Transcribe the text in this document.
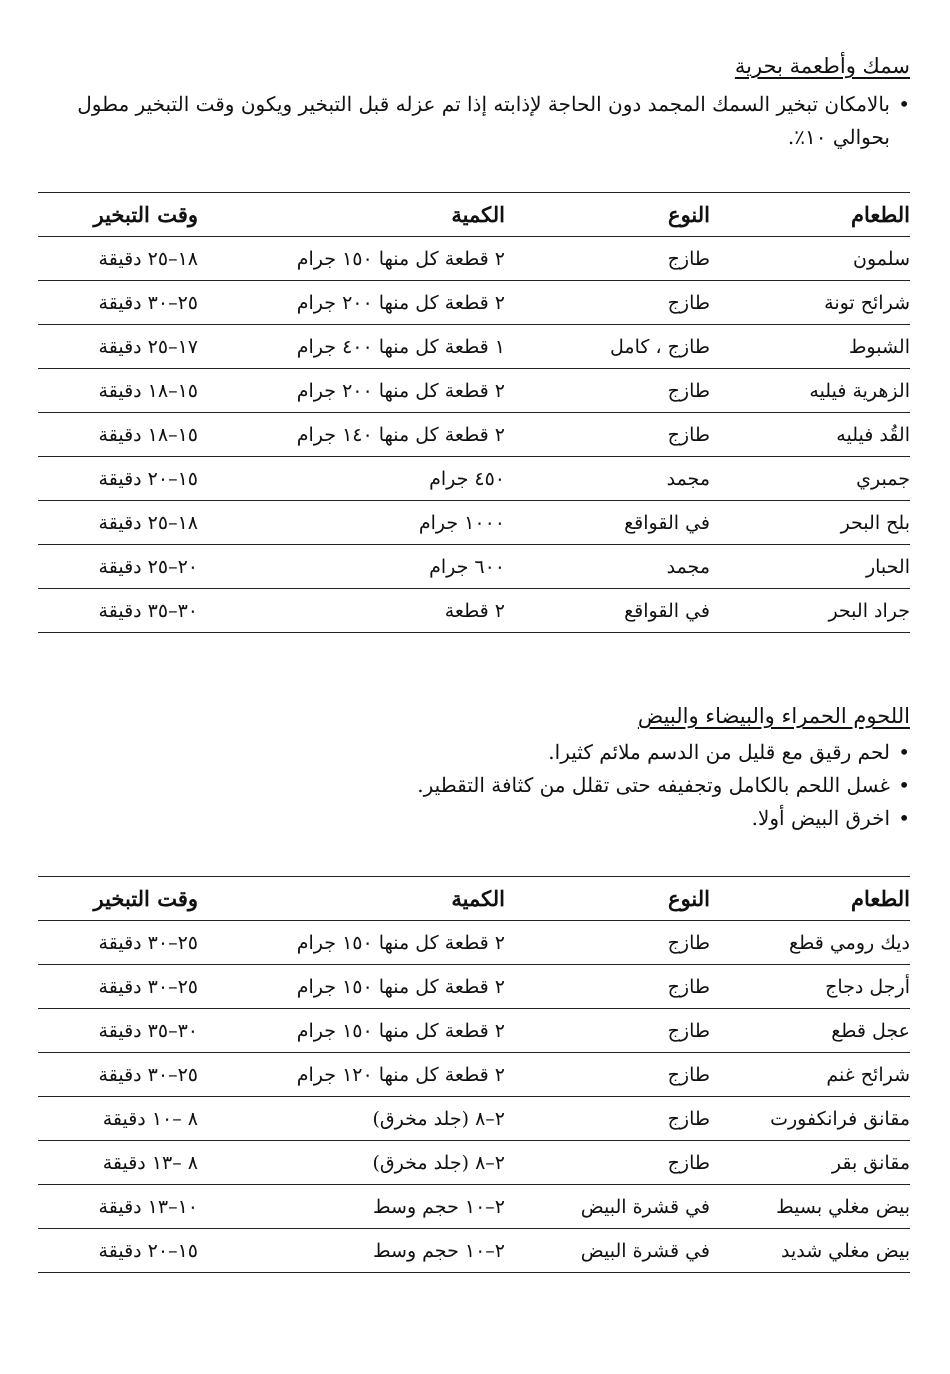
سمك وأطعمة بحرية
• بالامكان تبخير السمك المجمد دون الحاجة لإذابته إذا تم عزله قبل التبخير ويكون وقت التبخير مطول بحوالي ١٠٪.
الطعام	النوع	الكمية	وقت التبخير
سلمون	طازج	٢ قطعة كل منها ١٥٠ جرام	١٨–٢٥ دقيقة
شرائح تونة	طازج	٢ قطعة كل منها ٢٠٠ جرام	٢٥–٣٠ دقيقة
الشبوط	طازج ، كامل	١ قطعة كل منها ٤٠٠ جرام	١٧–٢٥ دقيقة
الزهرية فيليه	طازج	٢ قطعة كل منها ٢٠٠ جرام	١٥–١٨ دقيقة
القُد فيليه	طازج	٢ قطعة كل منها ١٤٠ جرام	١٥–١٨ دقيقة
جمبري	مجمد	٤٥٠ جرام	١٥–٢٠ دقيقة
بلح البحر	في القواقع	١٠٠٠ جرام	١٨–٢٥ دقيقة
الحبار	مجمد	٦٠٠ جرام	٢٠–٢٥ دقيقة
جراد البحر	في القواقع	٢ قطعة	٣٠–٣٥ دقيقة
اللحوم الحمراء والبيضاء والبيض
• لحم رقيق مع قليل من الدسم ملائم كثيرا.
• غسل اللحم بالكامل وتجفيفه حتى تقلل من كثافة التقطير.
• اخرق البيض أولا.
الطعام	النوع	الكمية	وقت التبخير
ديك رومي قطع	طازج	٢ قطعة كل منها ١٥٠ جرام	٢٥–٣٠ دقيقة
أرجل دجاج	طازج	٢ قطعة كل منها ١٥٠ جرام	٢٥–٣٠ دقيقة
عجل قطع	طازج	٢ قطعة كل منها ١٥٠ جرام	٣٠–٣٥ دقيقة
شرائح غنم	طازج	٢ قطعة كل منها ١٢٠ جرام	٢٥–٣٠ دقيقة
مقانق فرانكفورت	طازج	٢–٨ (جلد مخرق)	٨ –١٠ دقيقة
مقانق بقر	طازج	٢–٨ (جلد مخرق)	٨ –١٣ دقيقة
بيض مغلي بسيط	في قشرة البيض	٢–١٠ حجم وسط	١٠–١٣ دقيقة
بيض مغلي شديد	في قشرة البيض	٢–١٠ حجم وسط	١٥–٢٠ دقيقة
